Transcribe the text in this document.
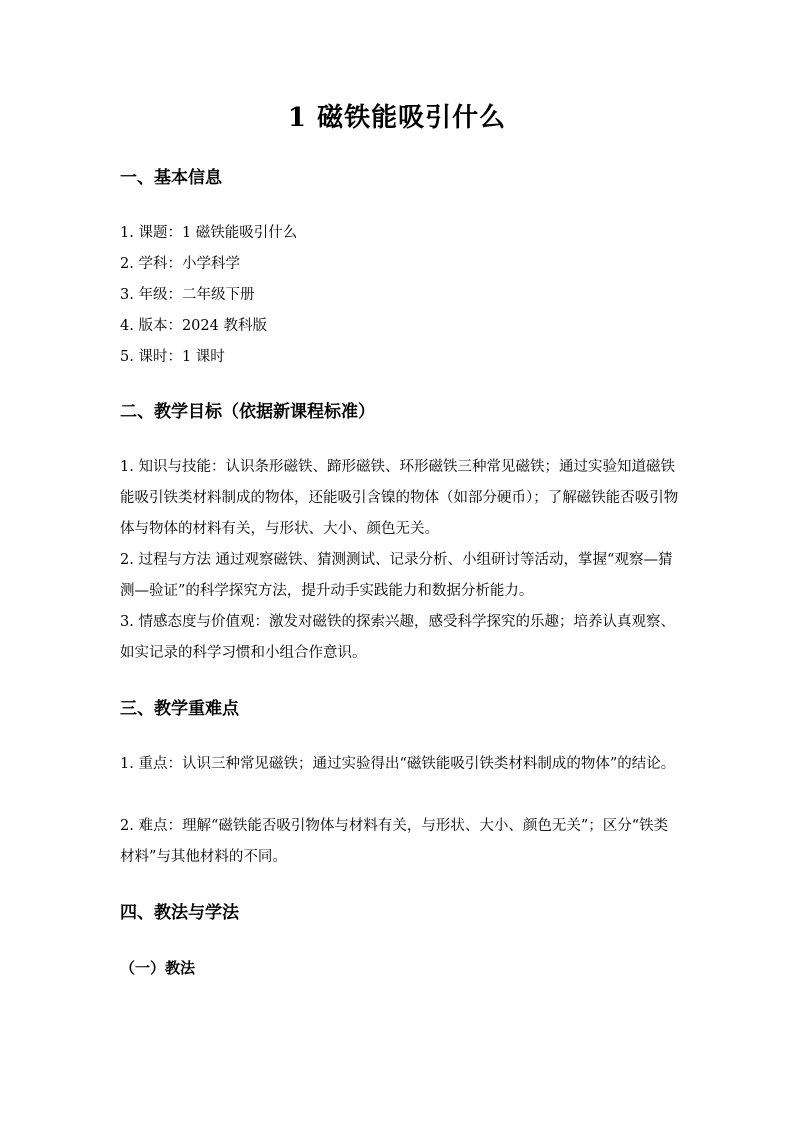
1 磁铁能吸引什么
一、基本信息
1. 课题：1 磁铁能吸引什么
2. 学科：小学科学
3. 年级：二年级下册
4. 版本：2024 教科版
5. 课时：1 课时
二、教学目标（依据新课程标准）
1. 知识与技能：认识条形磁铁、蹄形磁铁、环形磁铁三种常见磁铁；通过实验知道磁铁能吸引铁类材料制成的物体，还能吸引含镍的物体（如部分硬币）；了解磁铁能否吸引物体与物体的材料有关，与形状、大小、颜色无关。
2. 过程与方法 通过观察磁铁、猜测测试、记录分析、小组研讨等活动，掌握“观察—猜测—验证”的科学探究方法，提升动手实践能力和数据分析能力。
3. 情感态度与价值观：激发对磁铁的探索兴趣，感受科学探究的乐趣；培养认真观察、如实记录的科学习惯和小组合作意识。
三、教学重难点
1. 重点：认识三种常见磁铁；通过实验得出“磁铁能吸引铁类材料制成的物体”的结论。
2. 难点：理解“磁铁能否吸引物体与材料有关，与形状、大小、颜色无关”；区分“铁类材料”与其他材料的不同。
四、教法与学法
（一）教法
